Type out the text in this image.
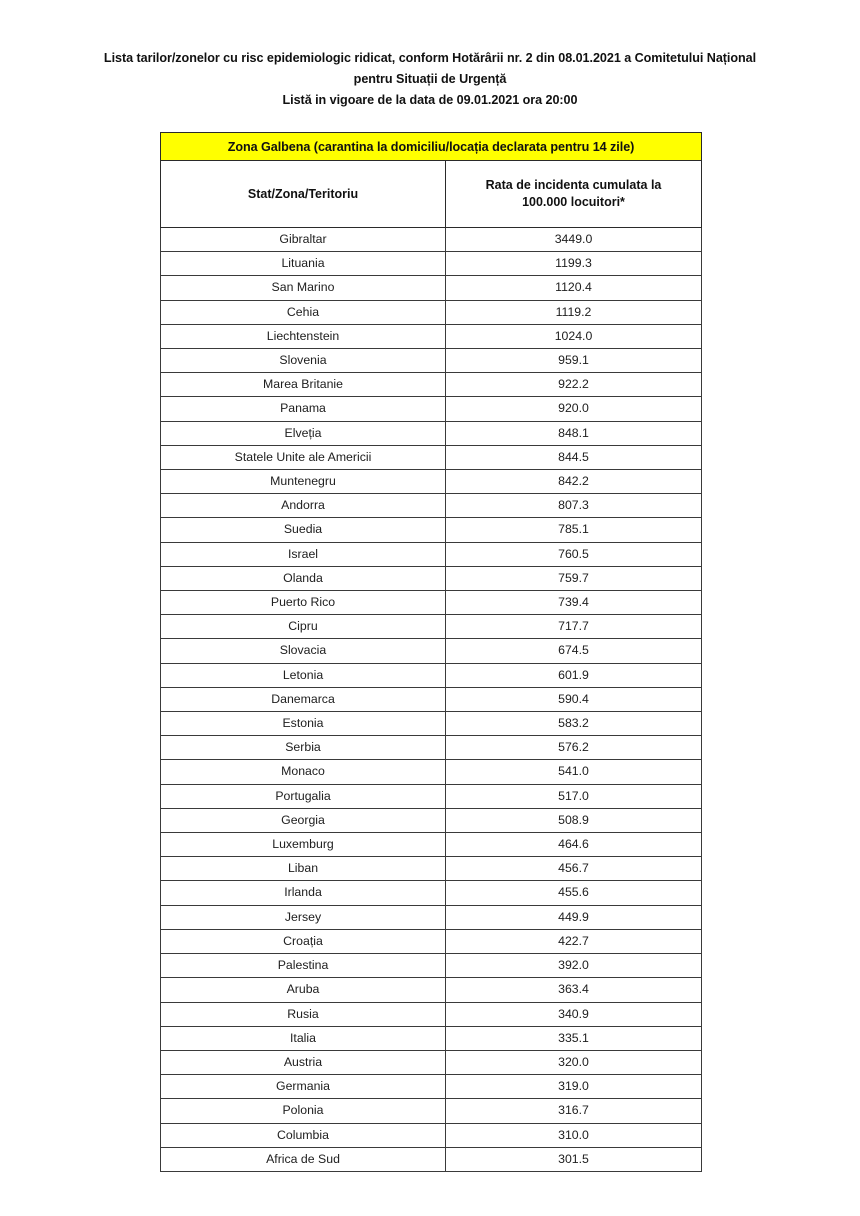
Lista tarilor/zonelor cu risc epidemiologic ridicat, conform Hotărârii nr. 2 din 08.01.2021 a Comitetului Național
pentru Situații de Urgență
Listă in vigoare de la data de 09.01.2021 ora 20:00
Zona Galbena (carantina la domiciliu/locația declarata pentru 14 zile)	

Stat/Zona/Teritoriu	Rata de incidenta cumulata la
100.000 locuitori*

Gibraltar	3449.0
Lituania	1199.3
San Marino	1120.4
Cehia	1119.2
Liechtenstein	1024.0
Slovenia	959.1
Marea Britanie	922.2
Panama	920.0
Elveția	848.1
Statele Unite ale Americii	844.5
Muntenegru	842.2
Andorra	807.3
Suedia	785.1
Israel	760.5
Olanda	759.7
Puerto Rico	739.4
Cipru	717.7
Slovacia	674.5
Letonia	601.9
Danemarca	590.4
Estonia	583.2
Serbia	576.2
Monaco	541.0
Portugalia	517.0
Georgia	508.9
Luxemburg	464.6
Liban	456.7
Irlanda	455.6
Jersey	449.9
Croația	422.7
Palestina	392.0
Aruba	363.4
Rusia	340.9
Italia	335.1
Austria	320.0
Germania	319.0
Polonia	316.7
Columbia	310.0
Africa de Sud	301.5
